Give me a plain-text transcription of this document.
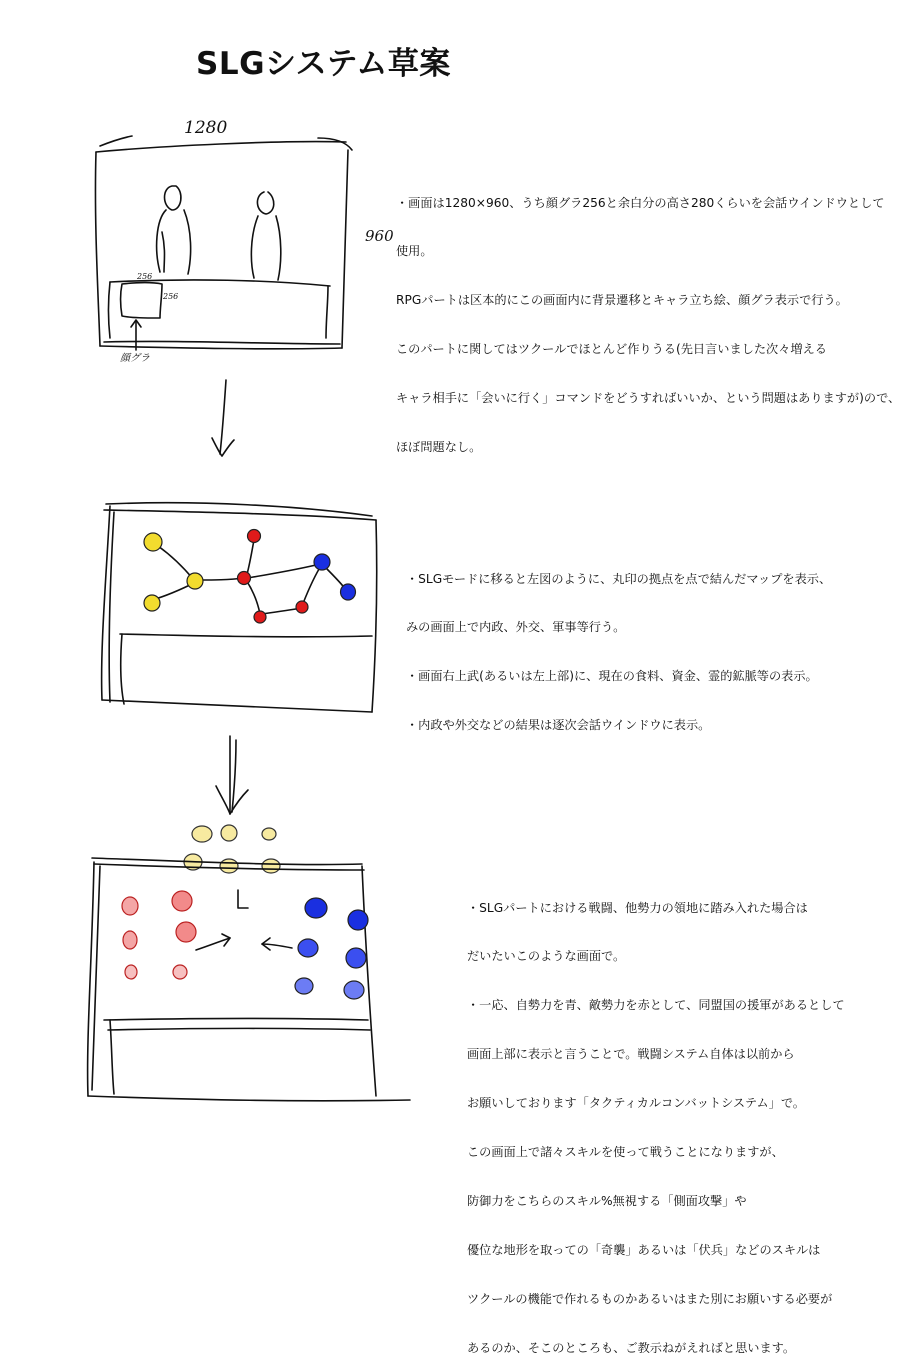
SLGシステム草案
1280
960
256
256
顔グラ

・画面は1280×960、うち顔グラ256と余白分の高さ280くらいを会話ウインドウとして

使用。

RPGパートは区本的にこの画面内に背景遷移とキャラ立ち絵、顔グラ表示で行う。

このパートに関してはツクールでほとんど作りうる(先日言いました次々増える

キャラ相手に「会いに行く」コマンドをどうすればいいか、という問題はありますが)ので、

ほぼ問題なし。

・SLGモードに移ると左図のように、丸印の拠点を点で結んだマップを表示、

みの画面上で内政、外交、軍事等行う。

・画面右上武(あるいは左上部)に、現在の食料、資金、霊的鉱脈等の表示。

・内政や外交などの結果は逐次会話ウインドウに表示。

・SLGパートにおける戦闘、他勢力の領地に踏み入れた場合は

だいたいこのような画面で。

・一応、自勢力を青、敵勢力を赤として、同盟国の援軍があるとして

画面上部に表示と言うことで。戦闘システム自体は以前から

お願いしております「タクティカルコンバットシステム」で。

この画面上で諸々スキルを使って戦うことになりますが、

防御力をこちらのスキル%無視する「側面攻撃」や

優位な地形を取っての「奇襲」あるいは「伏兵」などのスキルは

ツクールの機能で作れるものかあるいはまた別にお願いする必要が

あるのか、そこのところも、ご教示ねがえればと思います。
